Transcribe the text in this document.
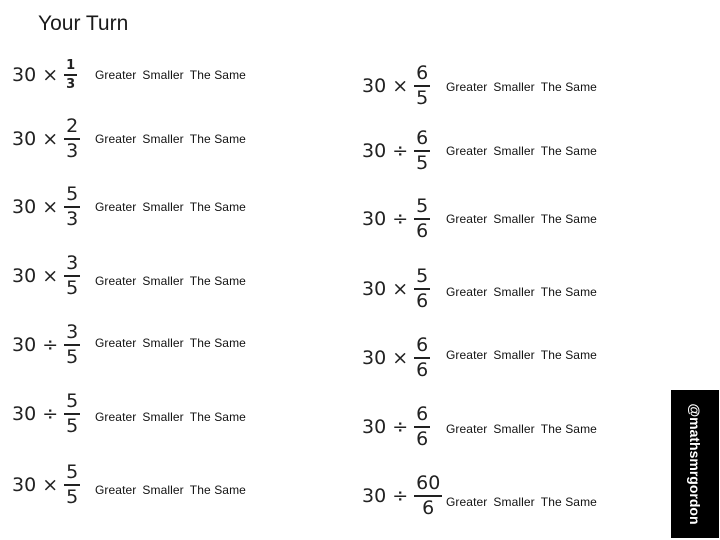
Your Turn
$30 \times \frac{1}{3}$ Greater Smaller The Same
$30 \times \frac{2}{3}$ Greater Smaller The Same
$30 \times \frac{5}{3}$ Greater Smaller The Same
$30 \times \frac{3}{5}$ Greater Smaller The Same
$30 \div \frac{3}{5}$ Greater Smaller The Same
$30 \div \frac{5}{5}$ Greater Smaller The Same
$30 \times \frac{5}{5}$ Greater Smaller The Same
$30 \times \frac{6}{5}$ Greater Smaller The Same
$30 \div \frac{6}{5}$ Greater Smaller The Same
$30 \div \frac{5}{6}$ Greater Smaller The Same
$30 \times \frac{5}{6}$ Greater Smaller The Same
$30 \times \frac{6}{6}$ Greater Smaller The Same
$30 \div \frac{6}{6}$ Greater Smaller The Same
$30 \div \frac{60}{6}$ Greater Smaller The Same	@mathsmrgordon
